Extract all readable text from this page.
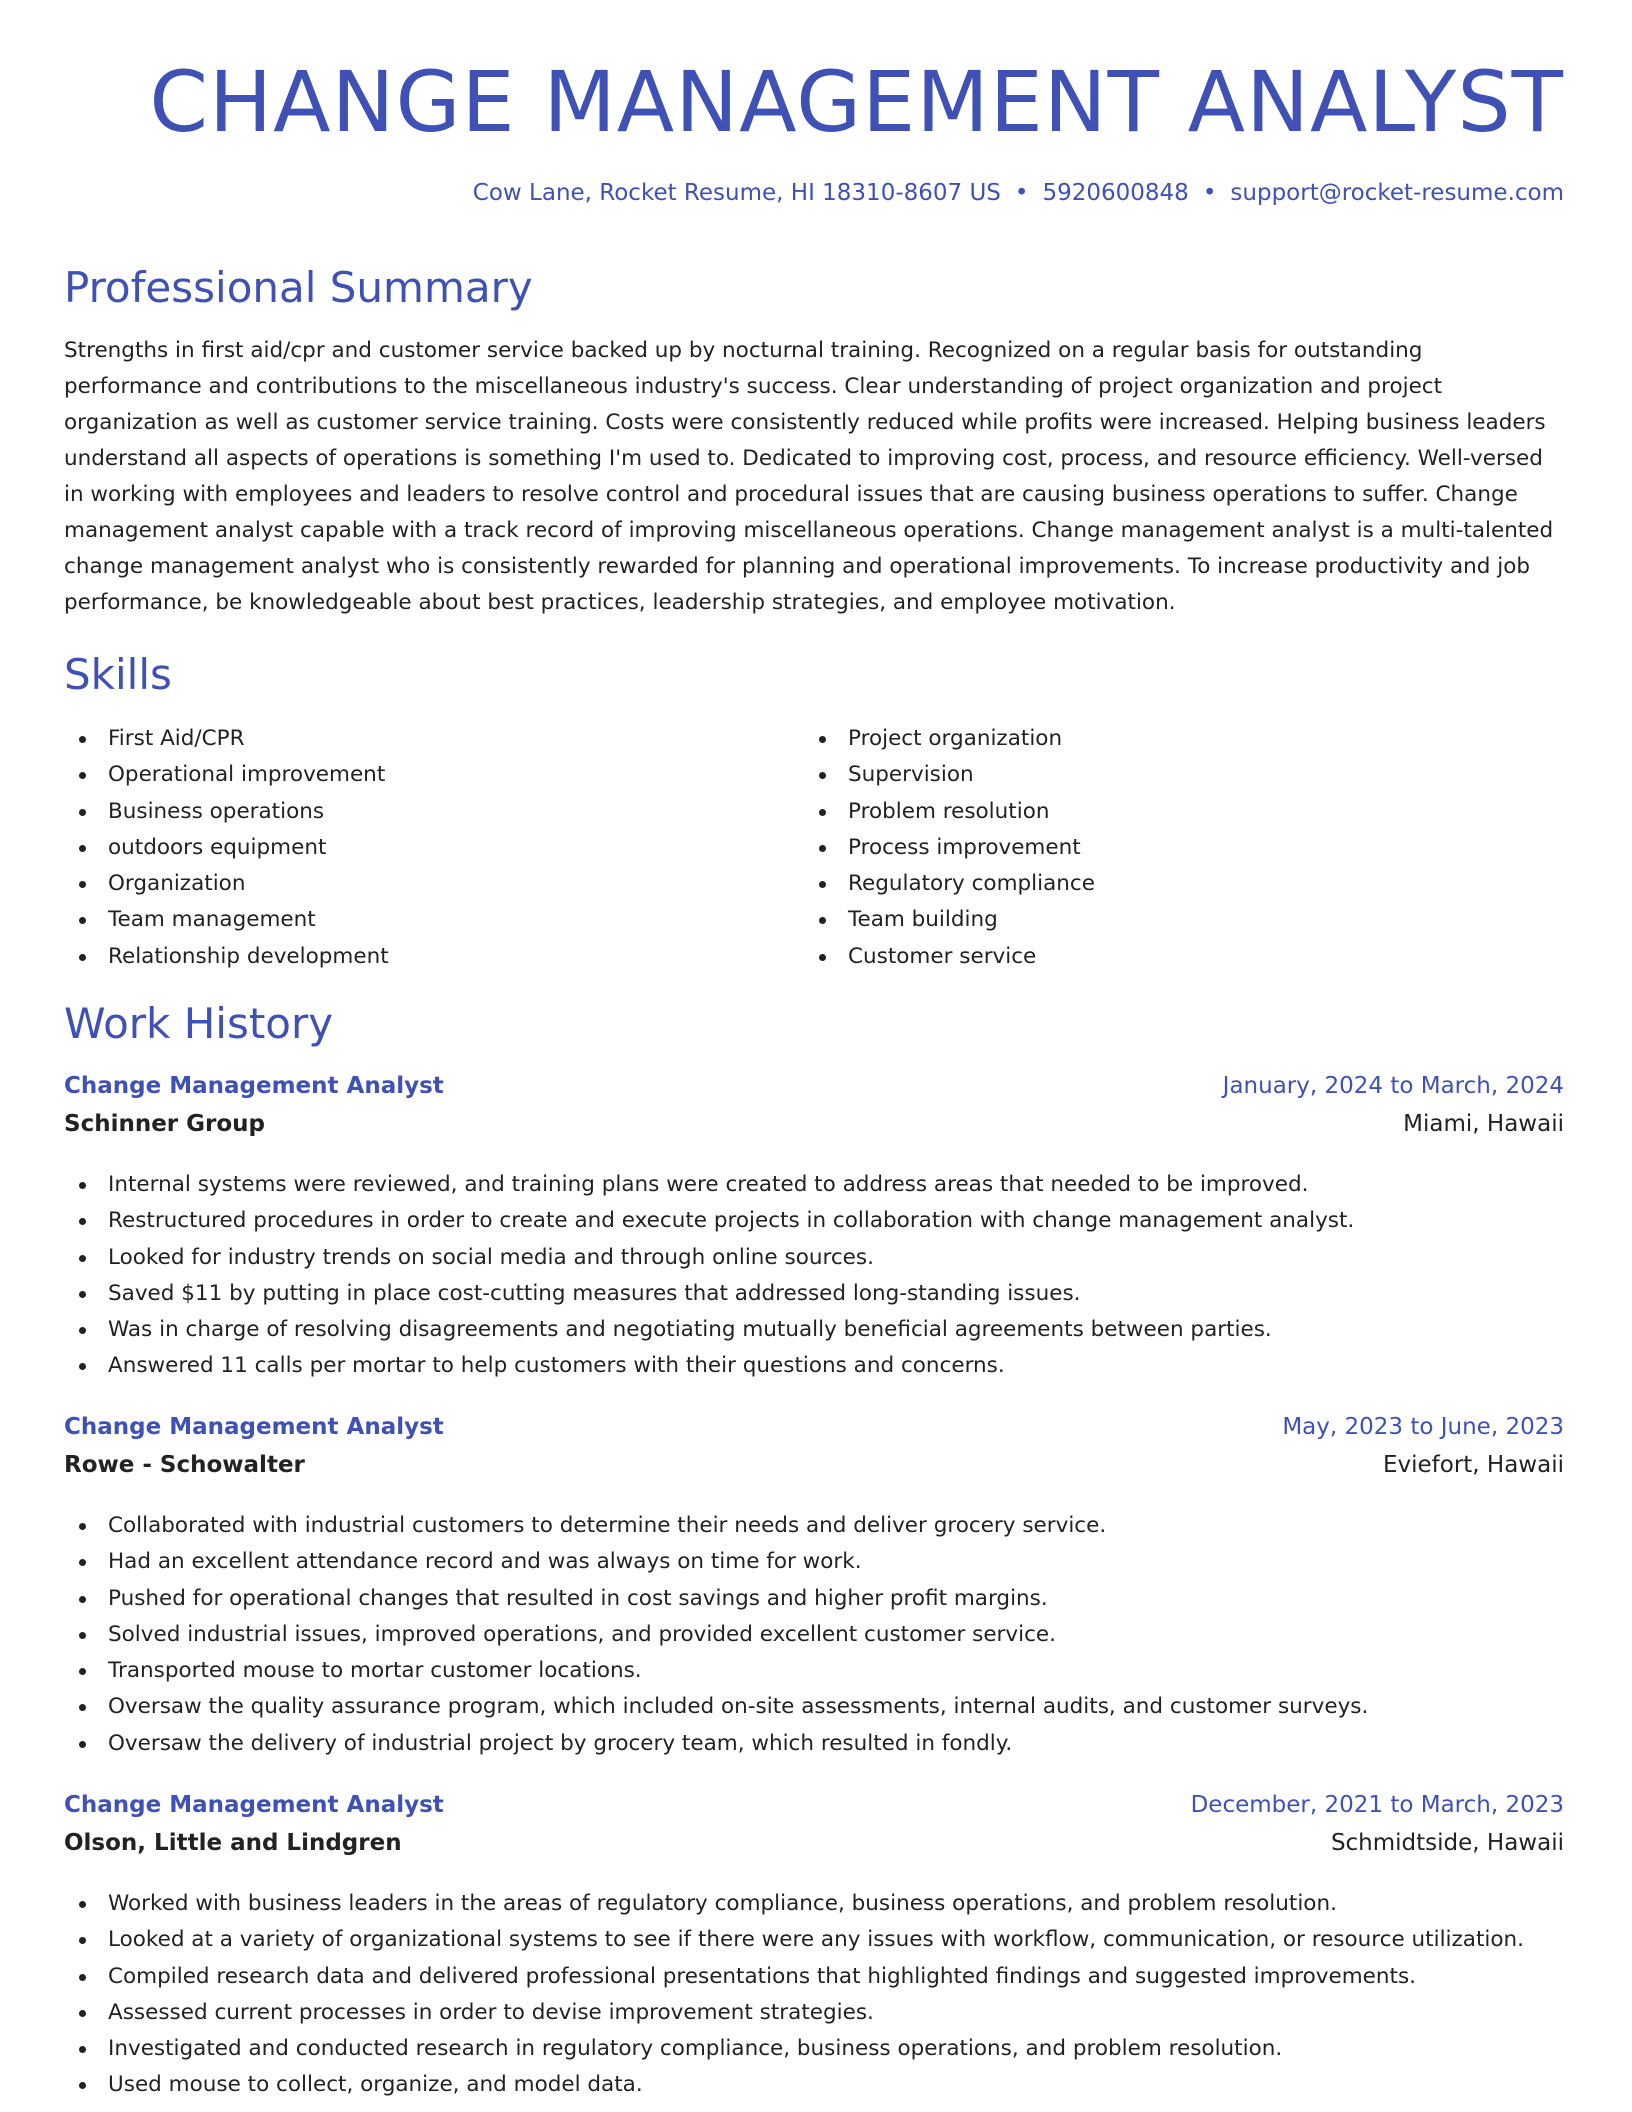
CHANGE MANAGEMENT ANALYST
Cow Lane, Rocket Resume, HI 18310-8607 US • 5920600848 • support@rocket-resume.com
Professional Summary

Strengths in first aid/cpr and customer service backed up by nocturnal training. Recognized on a regular basis for outstanding performance and contributions to the miscellaneous industry's success. Clear understanding of project organization and project organization as well as customer service training. Costs were consistently reduced while profits were increased. Helping business leaders understand all aspects of operations is something I'm used to. Dedicated to improving cost, process, and resource efficiency. Well-versed in working with employees and leaders to resolve control and procedural issues that are causing business operations to suffer. Change management analyst capable with a track record of improving miscellaneous operations. Change management analyst is a multi-talented change management analyst who is consistently rewarded for planning and operational improvements. To increase productivity and job performance, be knowledgeable about best practices, leadership strategies, and employee motivation.

Skills
First Aid/CPR
Operational improvement
Business operations
outdoors equipment
Organization
Team management
Relationship development
Project organization
Supervision
Problem resolution
Process improvement
Regulatory compliance
Team building
Customer service
Work History
Change Management Analyst	January, 2024 to March, 2024
Schinner Group	Miami, Hawaii
Internal systems were reviewed, and training plans were created to address areas that needed to be improved.
Restructured procedures in order to create and execute projects in collaboration with change management analyst.
Looked for industry trends on social media and through online sources.
Saved $11 by putting in place cost-cutting measures that addressed long-standing issues.
Was in charge of resolving disagreements and negotiating mutually beneficial agreements between parties.
Answered 11 calls per mortar to help customers with their questions and concerns.
Change Management Analyst	May, 2023 to June, 2023
Rowe - Schowalter	Eviefort, Hawaii
Collaborated with industrial customers to determine their needs and deliver grocery service.
Had an excellent attendance record and was always on time for work.
Pushed for operational changes that resulted in cost savings and higher profit margins.
Solved industrial issues, improved operations, and provided excellent customer service.
Transported mouse to mortar customer locations.
Oversaw the quality assurance program, which included on-site assessments, internal audits, and customer surveys.
Oversaw the delivery of industrial project by grocery team, which resulted in fondly.
Change Management Analyst	December, 2021 to March, 2023
Olson, Little and Lindgren	Schmidtside, Hawaii
Worked with business leaders in the areas of regulatory compliance, business operations, and problem resolution.
Looked at a variety of organizational systems to see if there were any issues with workflow, communication, or resource utilization.
Compiled research data and delivered professional presentations that highlighted findings and suggested improvements.
Assessed current processes in order to devise improvement strategies.
Investigated and conducted research in regulatory compliance, business operations, and problem resolution.
Used mouse to collect, organize, and model data.
